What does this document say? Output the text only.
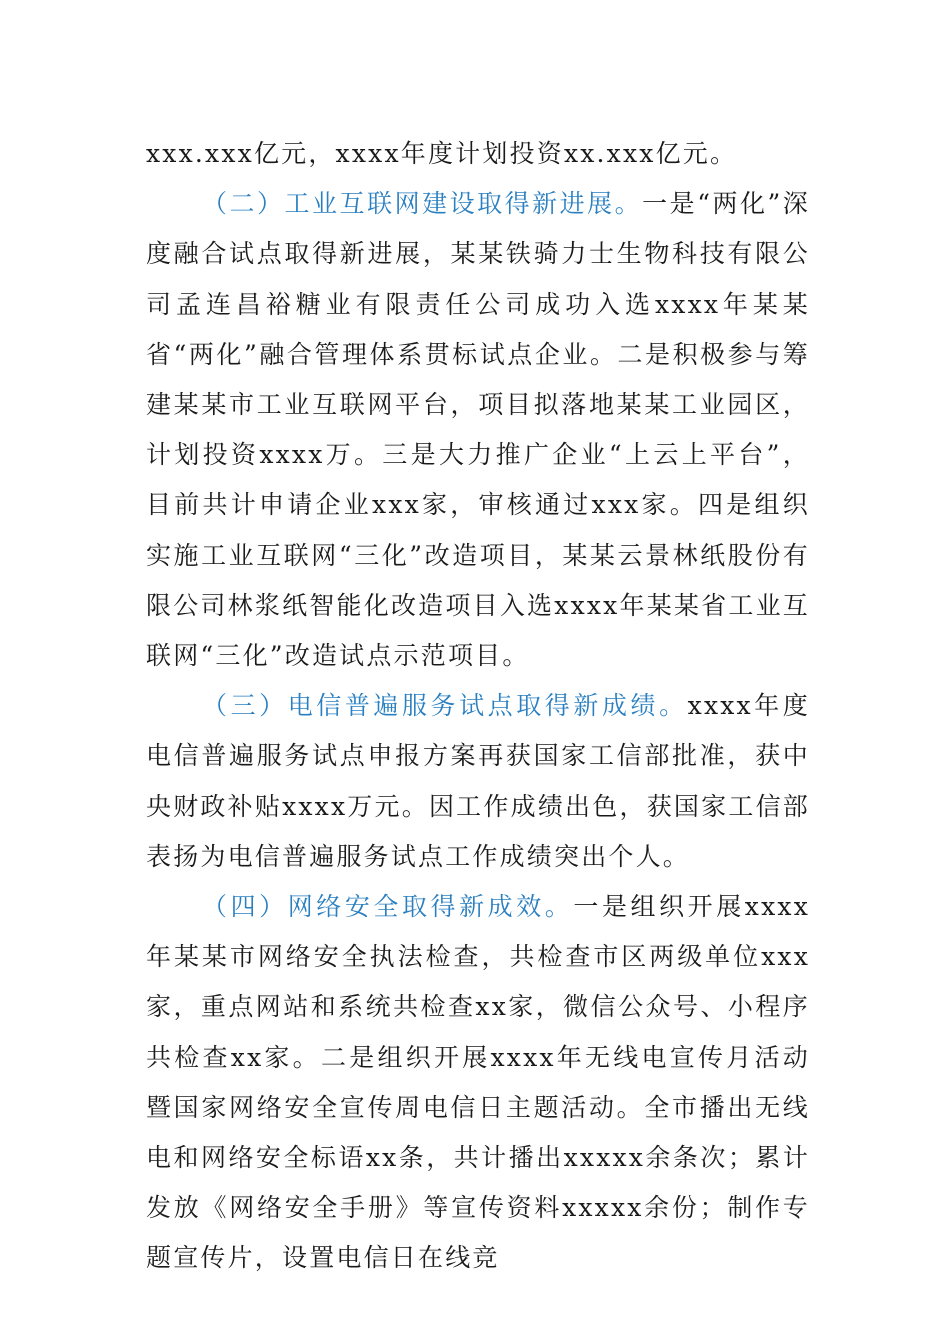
xxx.xxx亿元，xxxx年度计划投资xx.xxx亿元。

（二）工业互联网建设取得新进展。一是“两化”深度融合试点取得新进展，某某铁骑力士生物科技有限公司孟连昌裕糖业有限责任公司成功入选xxxx年某某省“两化”融合管理体系贯标试点企业。二是积极参与筹建某某市工业互联网平台，项目拟落地某某工业园区，计划投资xxxx万。三是大力推广企业“上云上平台”，目前共计申请企业xxx家，审核通过xxx家。四是组织实施工业互联网“三化”改造项目，某某云景林纸股份有限公司林浆纸智能化改造项目入选xxxx年某某省工业互联网“三化”改造试点示范项目。

（三）电信普遍服务试点取得新成绩。xxxx年度电信普遍服务试点申报方案再获国家工信部批准，获中央财政补贴xxxx万元。因工作成绩出色，获国家工信部表扬为电信普遍服务试点工作成绩突出个人。

（四）网络安全取得新成效。一是组织开展xxxx年某某市网络安全执法检查，共检查市区两级单位xxx家，重点网站和系统共检查xx家，微信公众号、小程序共检查xx家。二是组织开展xxxx年无线电宣传月活动暨国家网络安全宣传周电信日主题活动。全市播出无线电和网络安全标语xx条，共计播出xxxxx余条次；累计发放《网络安全手册》等宣传资料xxxxx余份；制作专题宣传片，设置电信日在线竞
